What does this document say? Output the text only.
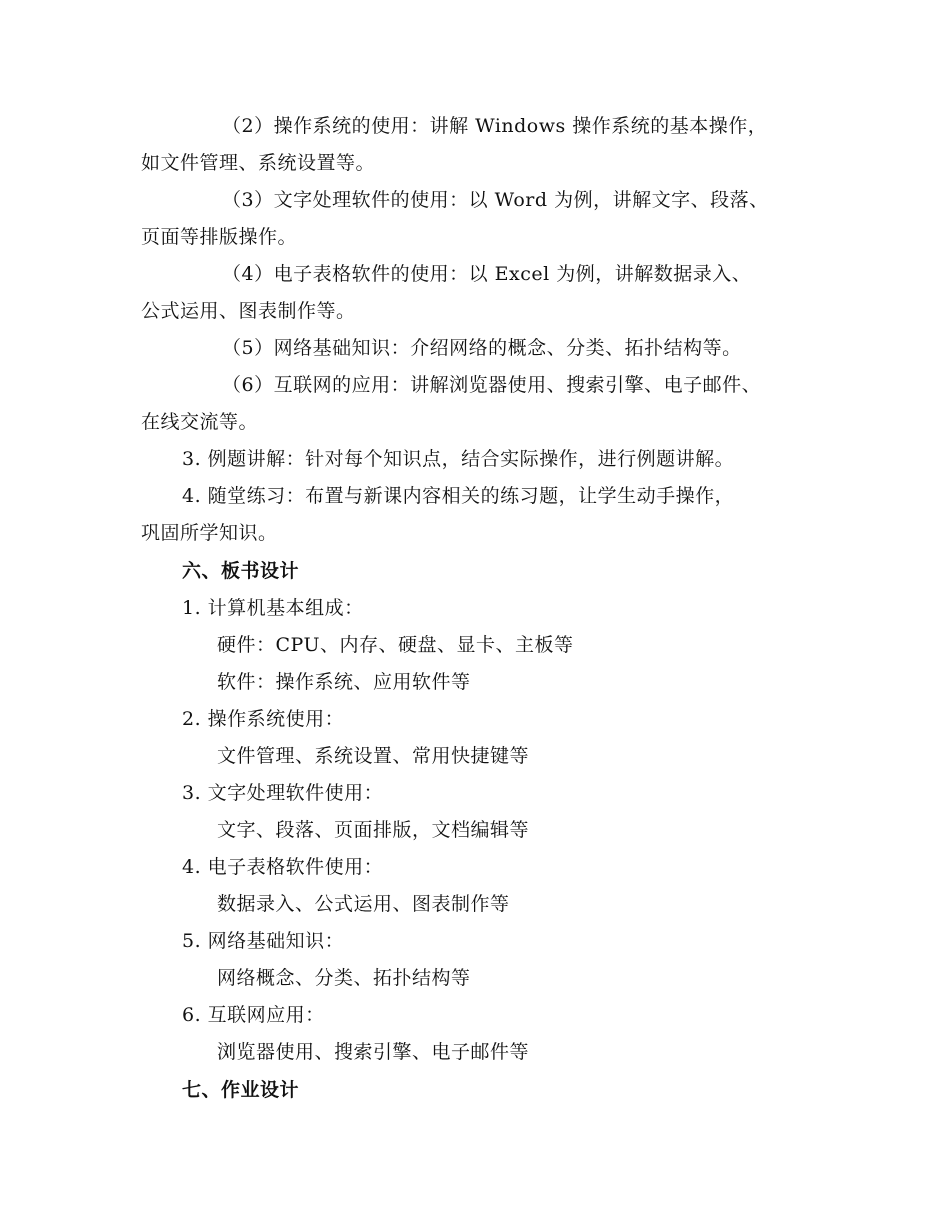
（2）操作系统的使用：讲解 Windows 操作系统的基本操作，
如文件管理、系统设置等。
（3）文字处理软件的使用：以 Word 为例，讲解文字、段落、
页面等排版操作。
（4）电子表格软件的使用：以 Excel 为例，讲解数据录入、
公式运用、图表制作等。
（5）网络基础知识：介绍网络的概念、分类、拓扑结构等。
（6）互联网的应用：讲解浏览器使用、搜索引擎、电子邮件、
在线交流等。
3. 例题讲解：针对每个知识点，结合实际操作，进行例题讲解。
4. 随堂练习：布置与新课内容相关的练习题，让学生动手操作，
巩固所学知识。
六、板书设计
1. 计算机基本组成：
硬件：CPU、内存、硬盘、显卡、主板等
软件：操作系统、应用软件等
2. 操作系统使用：
文件管理、系统设置、常用快捷键等
3. 文字处理软件使用：
文字、段落、页面排版，文档编辑等
4. 电子表格软件使用：
数据录入、公式运用、图表制作等
5. 网络基础知识：
网络概念、分类、拓扑结构等
6. 互联网应用：
浏览器使用、搜索引擎、电子邮件等
七、作业设计
